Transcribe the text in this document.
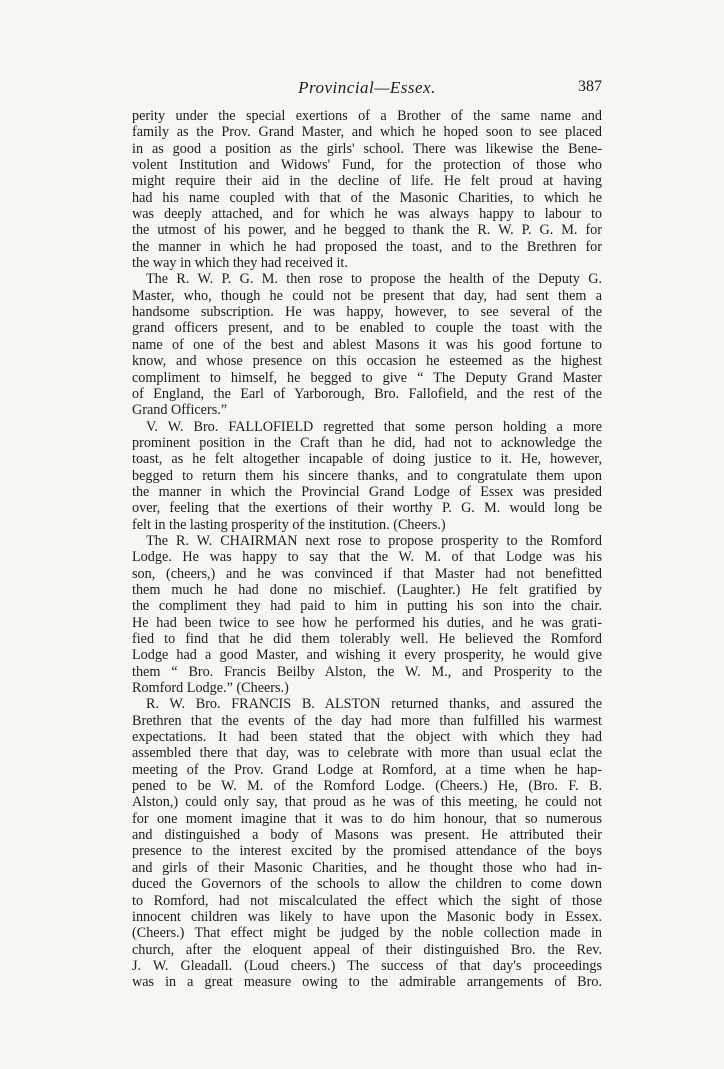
Provincial—Essex.	387
perity under the special exertions of a Brother of the same name and
family as the Prov. Grand Master, and which he hoped soon to see placed
in as good a position as the girls' school. There was likewise the Bene-
volent Institution and Widows' Fund, for the protection of those who
might require their aid in the decline of life. He felt proud at having
had his name coupled with that of the Masonic Charities, to which he
was deeply attached, and for which he was always happy to labour to
the utmost of his power, and he begged to thank the R. W. P. G. M. for
the manner in which he had proposed the toast, and to the Brethren for
the way in which they had received it.
The R. W. P. G. M. then rose to propose the health of the Deputy G.
Master, who, though he could not be present that day, had sent them a
handsome subscription. He was happy, however, to see several of the
grand officers present, and to be enabled to couple the toast with the
name of one of the best and ablest Masons it was his good fortune to
know, and whose presence on this occasion he esteemed as the highest
compliment to himself, he begged to give “ The Deputy Grand Master
of England, the Earl of Yarborough, Bro. Fallofield, and the rest of the
Grand Officers.”
V. W. Bro. FALLOFIELD regretted that some person holding a more
prominent position in the Craft than he did, had not to acknowledge the
toast, as he felt altogether incapable of doing justice to it. He, however,
begged to return them his sincere thanks, and to congratulate them upon
the manner in which the Provincial Grand Lodge of Essex was presided
over, feeling that the exertions of their worthy P. G. M. would long be
felt in the lasting prosperity of the institution. (Cheers.)
The R. W. CHAIRMAN next rose to propose prosperity to the Romford
Lodge. He was happy to say that the W. M. of that Lodge was his
son, (cheers,) and he was convinced if that Master had not benefitted
them much he had done no mischief. (Laughter.) He felt gratified by
the compliment they had paid to him in putting his son into the chair.
He had been twice to see how he performed his duties, and he was grati-
fied to find that he did them tolerably well. He believed the Romford
Lodge had a good Master, and wishing it every prosperity, he would give
them “ Bro. Francis Beilby Alston, the W. M., and Prosperity to the
Romford Lodge.” (Cheers.)
R. W. Bro. FRANCIS B. ALSTON returned thanks, and assured the
Brethren that the events of the day had more than fulfilled his warmest
expectations. It had been stated that the object with which they had
assembled there that day, was to celebrate with more than usual eclat the
meeting of the Prov. Grand Lodge at Romford, at a time when he hap-
pened to be W. M. of the Romford Lodge. (Cheers.) He, (Bro. F. B.
Alston,) could only say, that proud as he was of this meeting, he could not
for one moment imagine that it was to do him honour, that so numerous
and distinguished a body of Masons was present. He attributed their
presence to the interest excited by the promised attendance of the boys
and girls of their Masonic Charities, and he thought those who had in-
duced the Governors of the schools to allow the children to come down
to Romford, had not miscalculated the effect which the sight of those
innocent children was likely to have upon the Masonic body in Essex.
(Cheers.) That effect might be judged by the noble collection made in
church, after the eloquent appeal of their distinguished Bro. the Rev.
J. W. Gleadall. (Loud cheers.) The success of that day's proceedings
was in a great measure owing to the admirable arrangements of Bro.
